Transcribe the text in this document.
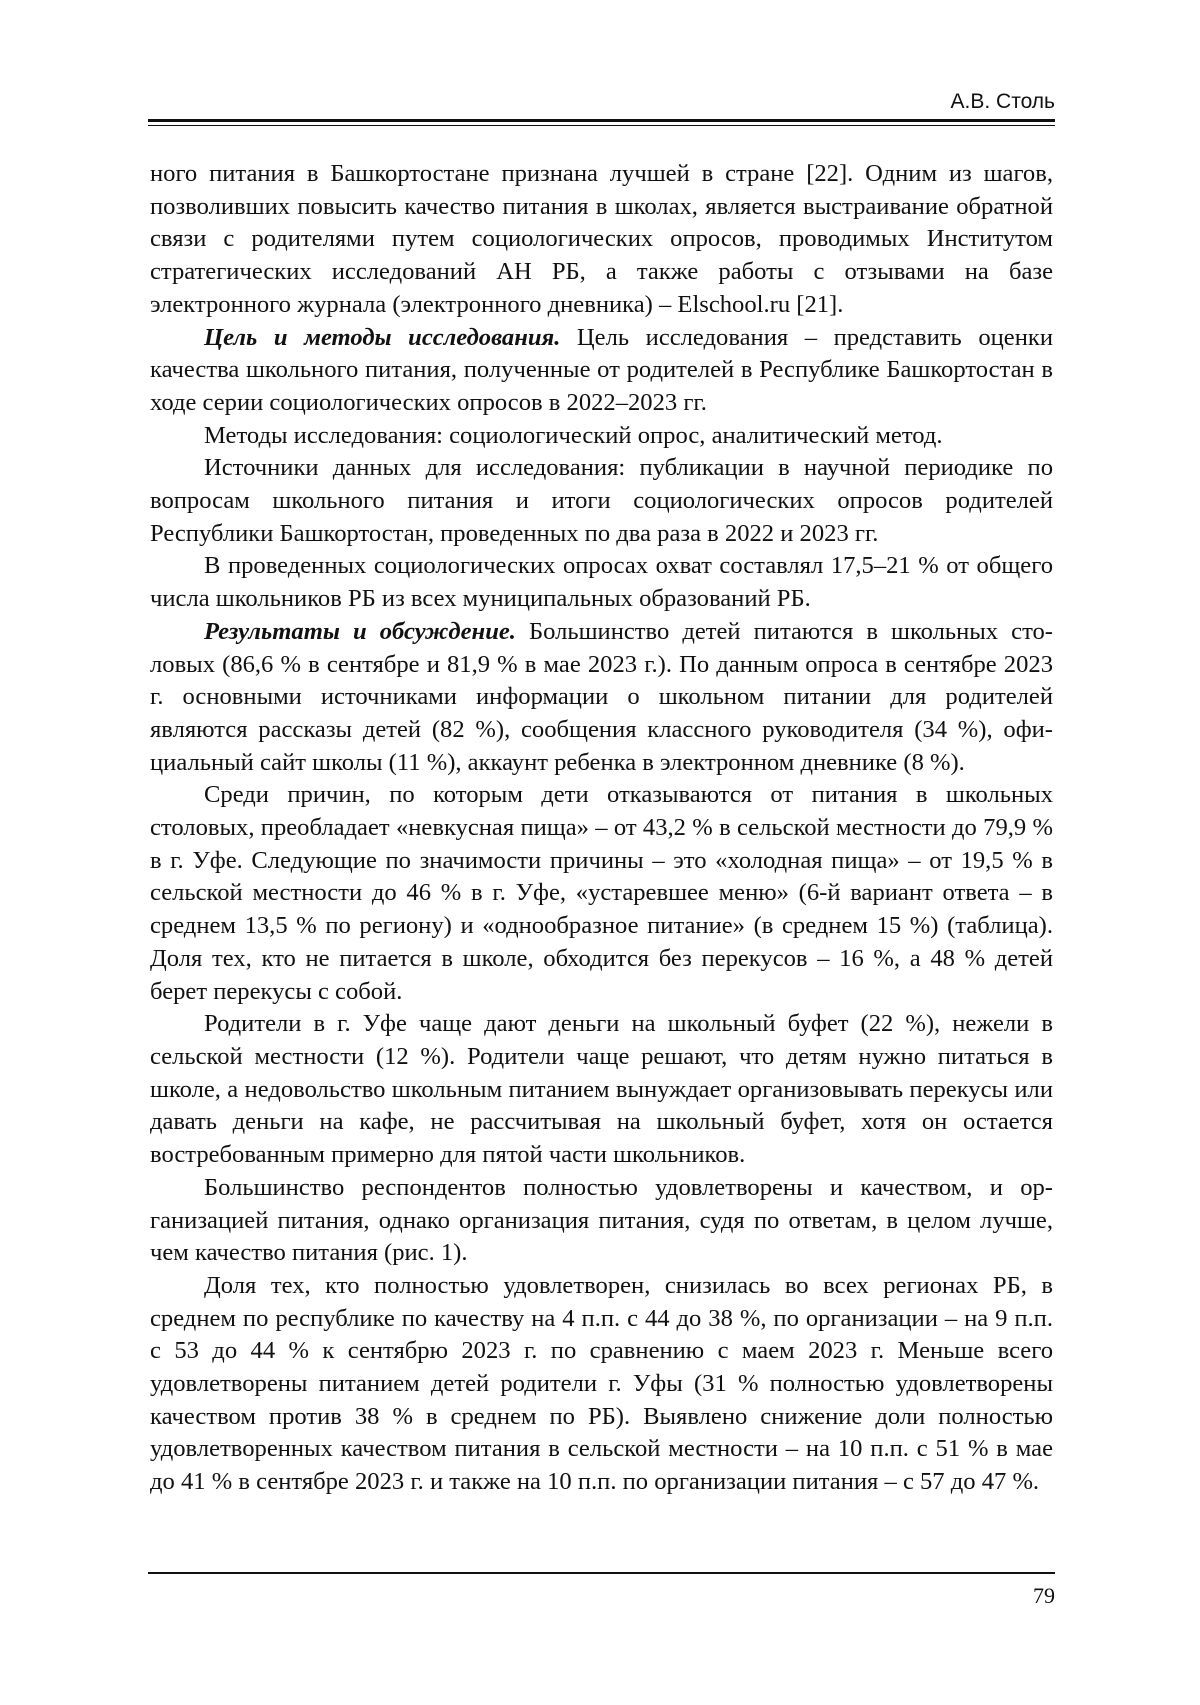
А.В. Столь

ного питания в Башкортостане признана лучшей в стране [22]. Одним из шагов, позволивших повысить качество питания в школах, является выстраивание обратной связи с родителями путем социологических опросов, проводимых Институтом стратегических исследований АН РБ, а также работы с отзывами на базе электронного журнала (электронного дневника) – Elschool.ru [21].

Цель и методы исследования. Цель исследования – представить оценки качества школьного питания, полученные от родителей в Республике Башкортостан в ходе серии социологических опросов в 2022–2023 гг.

Методы исследования: социологический опрос, аналитический метод.

Источники данных для исследования: публикации в научной периодике по вопросам школьного питания и итоги социологических опросов родителей Республики Башкортостан, проведенных по два раза в 2022 и 2023 гг.

В проведенных социологических опросах охват составлял 17,5–21 % от общего числа школьников РБ из всех муниципальных образований РБ.

Результаты и обсуждение. Большинство детей питаются в школьных столовых (86,6 % в сентябре и 81,9 % в мае 2023 г.). По данным опроса в сентябре 2023 г. основными источниками информации о школьном питании для родителей являются рассказы детей (82 %), сообщения классного руководителя (34 %), официальный сайт школы (11 %), аккаунт ребенка в электронном дневнике (8 %).

Среди причин, по которым дети отказываются от питания в школьных столовых, преобладает «невкусная пища» – от 43,2 % в сельской местности до 79,9 % в г. Уфе. Следующие по значимости причины – это «холодная пища» – от 19,5 % в сельской местности до 46 % в г. Уфе, «устаревшее меню» (6-й вариант ответа – в среднем 13,5 % по региону) и «однообразное питание» (в среднем 15 %) (таблица). Доля тех, кто не питается в школе, обходится без перекусов – 16 %, а 48 % детей берет перекусы с собой.

Родители в г. Уфе чаще дают деньги на школьный буфет (22 %), нежели в сельской местности (12 %). Родители чаще решают, что детям нужно питаться в школе, а недовольство школьным питанием вынуждает организовывать перекусы или давать деньги на кафе, не рассчитывая на школьный буфет, хотя он остается востребованным примерно для пятой части школьников.

Большинство респондентов полностью удовлетворены и качеством, и организацией питания, однако организация питания, судя по ответам, в целом лучше, чем качество питания (рис. 1).

Доля тех, кто полностью удовлетворен, снизилась во всех регионах РБ, в среднем по республике по качеству на 4 п.п. с 44 до 38 %, по организации – на 9 п.п. с 53 до 44 % к сентябрю 2023 г. по сравнению с маем 2023 г. Меньше всего удовлетворены питанием детей родители г. Уфы (31 % полностью удовлетворены качеством против 38 % в среднем по РБ). Выявлено снижение доли полностью удовлетворенных качеством питания в сельской местности – на 10 п.п. с 51 % в мае до 41 % в сентябре 2023 г. и также на 10 п.п. по организации питания – с 57 до 47 %.

79
